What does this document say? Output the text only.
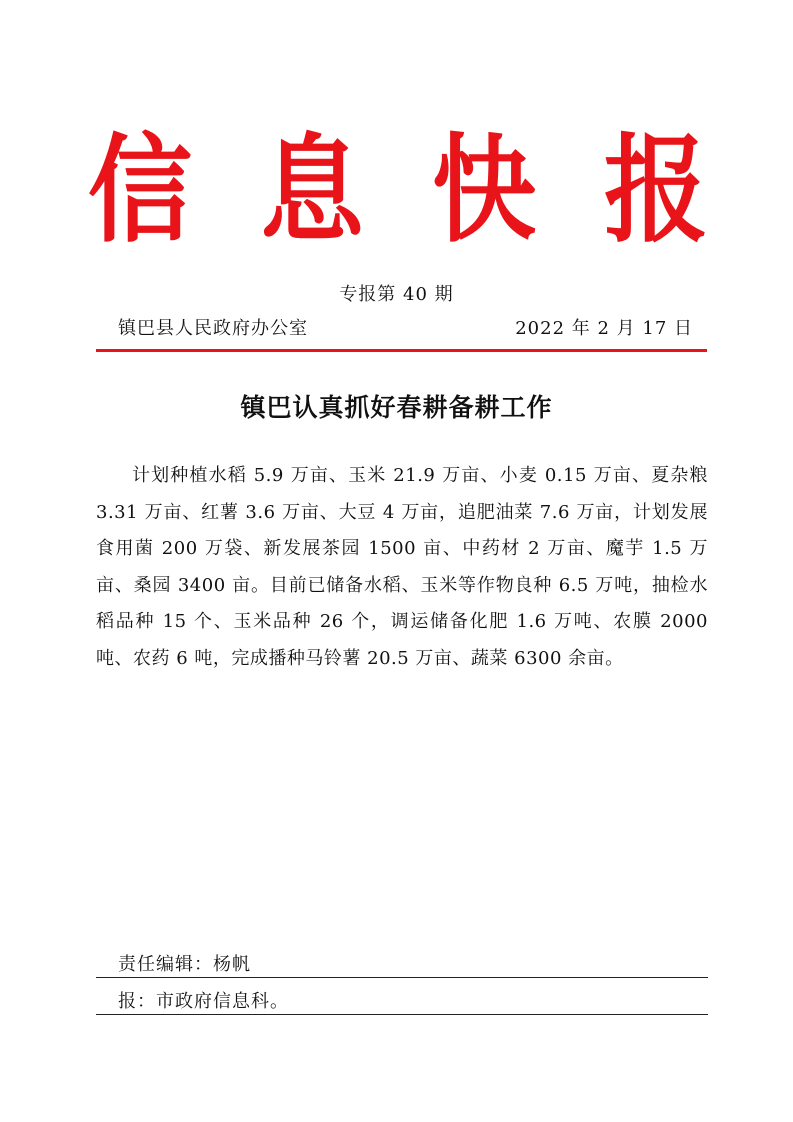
信 息 快 报
专报第 40 期
镇巴县人民政府办公室	2022 年 2 月 17 日
镇巴认真抓好春耕备耕工作

计划种植水稻 5.9 万亩、玉米 21.9 万亩、小麦 0.15 万亩、夏杂粮 3.31 万亩、红薯 3.6 万亩、大豆 4 万亩，追肥油菜 7.6 万亩，计划发展食用菌 200 万袋、新发展茶园 1500 亩、中药材 2 万亩、魔芋 1.5 万亩、桑园 3400 亩。目前已储备水稻、玉米等作物良种 6.5 万吨，抽检水稻品种 15 个、玉米品种 26 个，调运储备化肥 1.6 万吨、农膜 2000 吨、农药 6 吨，完成播种马铃薯 20.5 万亩、蔬菜 6300 余亩。

责任编辑：杨帆
报：市政府信息科。
